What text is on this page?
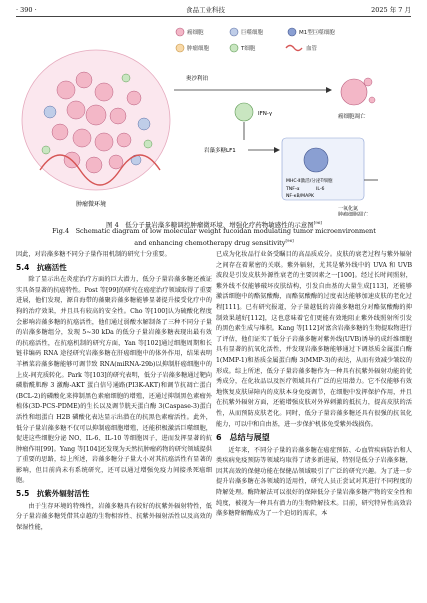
· 390 ·	食品工业科技	2025 年 7 月
癌细胞	巨噬细胞	M1型巨噬细胞
肿瘤细胞	T细胞	血管
肿瘤微环境
奥沙利铂
癌细胞凋亡
IFN-γ
岩藻多糖LF1
MHC-Ⅱ激活/分泌T细胞
TNF-α	IL-6
NF-κB/MAPK
一氧化氮
肿瘤细胞凋亡
图 4　低分子量岩藻多糖调控肿瘤微环境、增强化疗药物敏感性的示意图[96]
Fig.4　Schematic diagram of low molecular weight fucoidan modulating tumor microenvironment
and enhancing chemotherapy drug sensitivity[96]

因此，对岩藻多糖不同分子量作用机制的研究十分重要。

5.4　抗癌活性

除了显示出在炎症治疗方面的巨大潜力，低分子量岩藻多糖还被证实具备显著的抗癌特性。Post 等[99]的研究在癌症治疗领域取得了重要进展，他们发现，源自海带的藻聚岩藻多糖能够显著提升接受化疗中的狗的治疗效果，并且具有较高的安全性。Cho 等[100]认为硫酸化程度会影响岩藻多糖的抗癌活性，他们通过弱酸水解制备了三种不同分子量的岩藻多糖组分，发现 5~30 kDa 的低分子量岩藻多糖表现出最有效的抗癌活性，在抗癌机制的研究方面，Yan 等[102]通过细胞周期和长链非编码 RNA 途径研究岩藻多糖在肝癌细胞中的体外作用，结果表明羊栖菜岩藻多糖能够可调节致 RNA(miRNA-29b)以抑制肝癌细胞中的上皮-间充质转化。Park 等[103]的研究表明，低分子岩藻多糖通过靶向磷脂酰肌醇 3 激酶-AKT 蛋白信号通路(PI3K-AKT)和调节抗凋亡蛋白(BCL-2)的磷酸化来抑制黑色素瘤细胞的增殖，还通过抑制黑色素瘤外植体(3D-PCS-PDME)的生长以及调节胱天蛋白酶 3(Caspase-3)蛋白活性和组蛋白 H2B 磷酸化表达显示出潜在的抗黑色素瘤活性。此外，低分子量岩藻多糖不仅可以抑制癌细胞增殖，还能积极激活巨噬细胞，促进这些细胞分泌 NO、IL-6、IL-10 等细胞因子，进而发挥显著的抗肿瘤作用[99]。Yang 等[104]还发现为天然抗肿瘤药物的研究领域提供了重要的思路，综上所述，岩藻多糖分子量大小对其抗癌活性有显著的影响，但目前尚未有系统研究，还可以通过增强免疫力间接杀死癌细胞。

5.5　抗紫外辐射活性

由于生存环境的特殊性，岩藻多糖具有较好的抗紫外辐射特性，低分子量岩藻多糖凭借其卓越的生物相容性、抗紫外辐射活性以及高效的保湿性能，

已成为化妆品行业备受瞩目的高品质成分。皮肤的衰老过程与紫外辐射之间存在着紧密的关联。紫外辐射，尤其是紫外线中的 UVA 和 UVB 波段是引发皮肤外源性衰老的主要因素之一[100]。经过长时间照射，紫外线不仅能够破坏皮肤结构，引发自由基的大量生成[113]，还能够激活细胞中的酪氨酸酶，而酪氨酸酶的过度表达能够加速皮肤的老化过程[111]。已有研究报道，分子量越低的岩藻多糖组分对酪氨酸酶的抑制效果越好[112]，这也意味着它们更能有效地阻止紫外线照射所引发的黑色素生成与堆积。Kang 等[112]对富含岩藻多糖的生物提取物进行了评估，他们证实了低分子岩藻多糖对紫外线(UVB)诱导的成纤维细胞具有显著的抗氧化活性，并发现岩藻多糖能够通过下调基质金属蛋白酶 1(MMP-1)和基质金属蛋白酶 3(MMP-3)的表达，从而有效减少皱纹的形成。综上所述，低分子量岩藻多糖作为一种具有抗紫外辐射功能的优秀成分，在化妆品以及医疗领域具有广泛的应用潜力。它不仅能够有效地恢复皮肤屏障内的皮肤本身免疫调节，在细胞中发挥保护作用，并且在抗紫外辐射方面，还能增强皮肤对外界刺激的抵抗力，提高皮肤的活性，从而预防皮肤老化。同时，低分子量岩藻多糖还具有很强的抗氧化能力，可以中和自由基，进一步保护机体免受紫外线损伤。

6　总结与展望

近年来，不同分子量的岩藻多糖在癌症预防、心血管疾病防治和人类疾病免疫预防等领域均取得了诸多新进展，特别是低分子岩藻多糖，因其高效的保健功能在保健品领域吸引了广泛的研究兴趣。为了进一步提升岩藻多糖在各领域的适用性，研究人员正尝试对其进行不同程度的降解处理。酶降解法可以很好的保障低分子量岩藻多糖产物的安全性和纯度，被视为一种具有潜力的生物降解技术。目前，研究特异性高效岩藻多糖降解酶成为了一个迫切的需求，本
